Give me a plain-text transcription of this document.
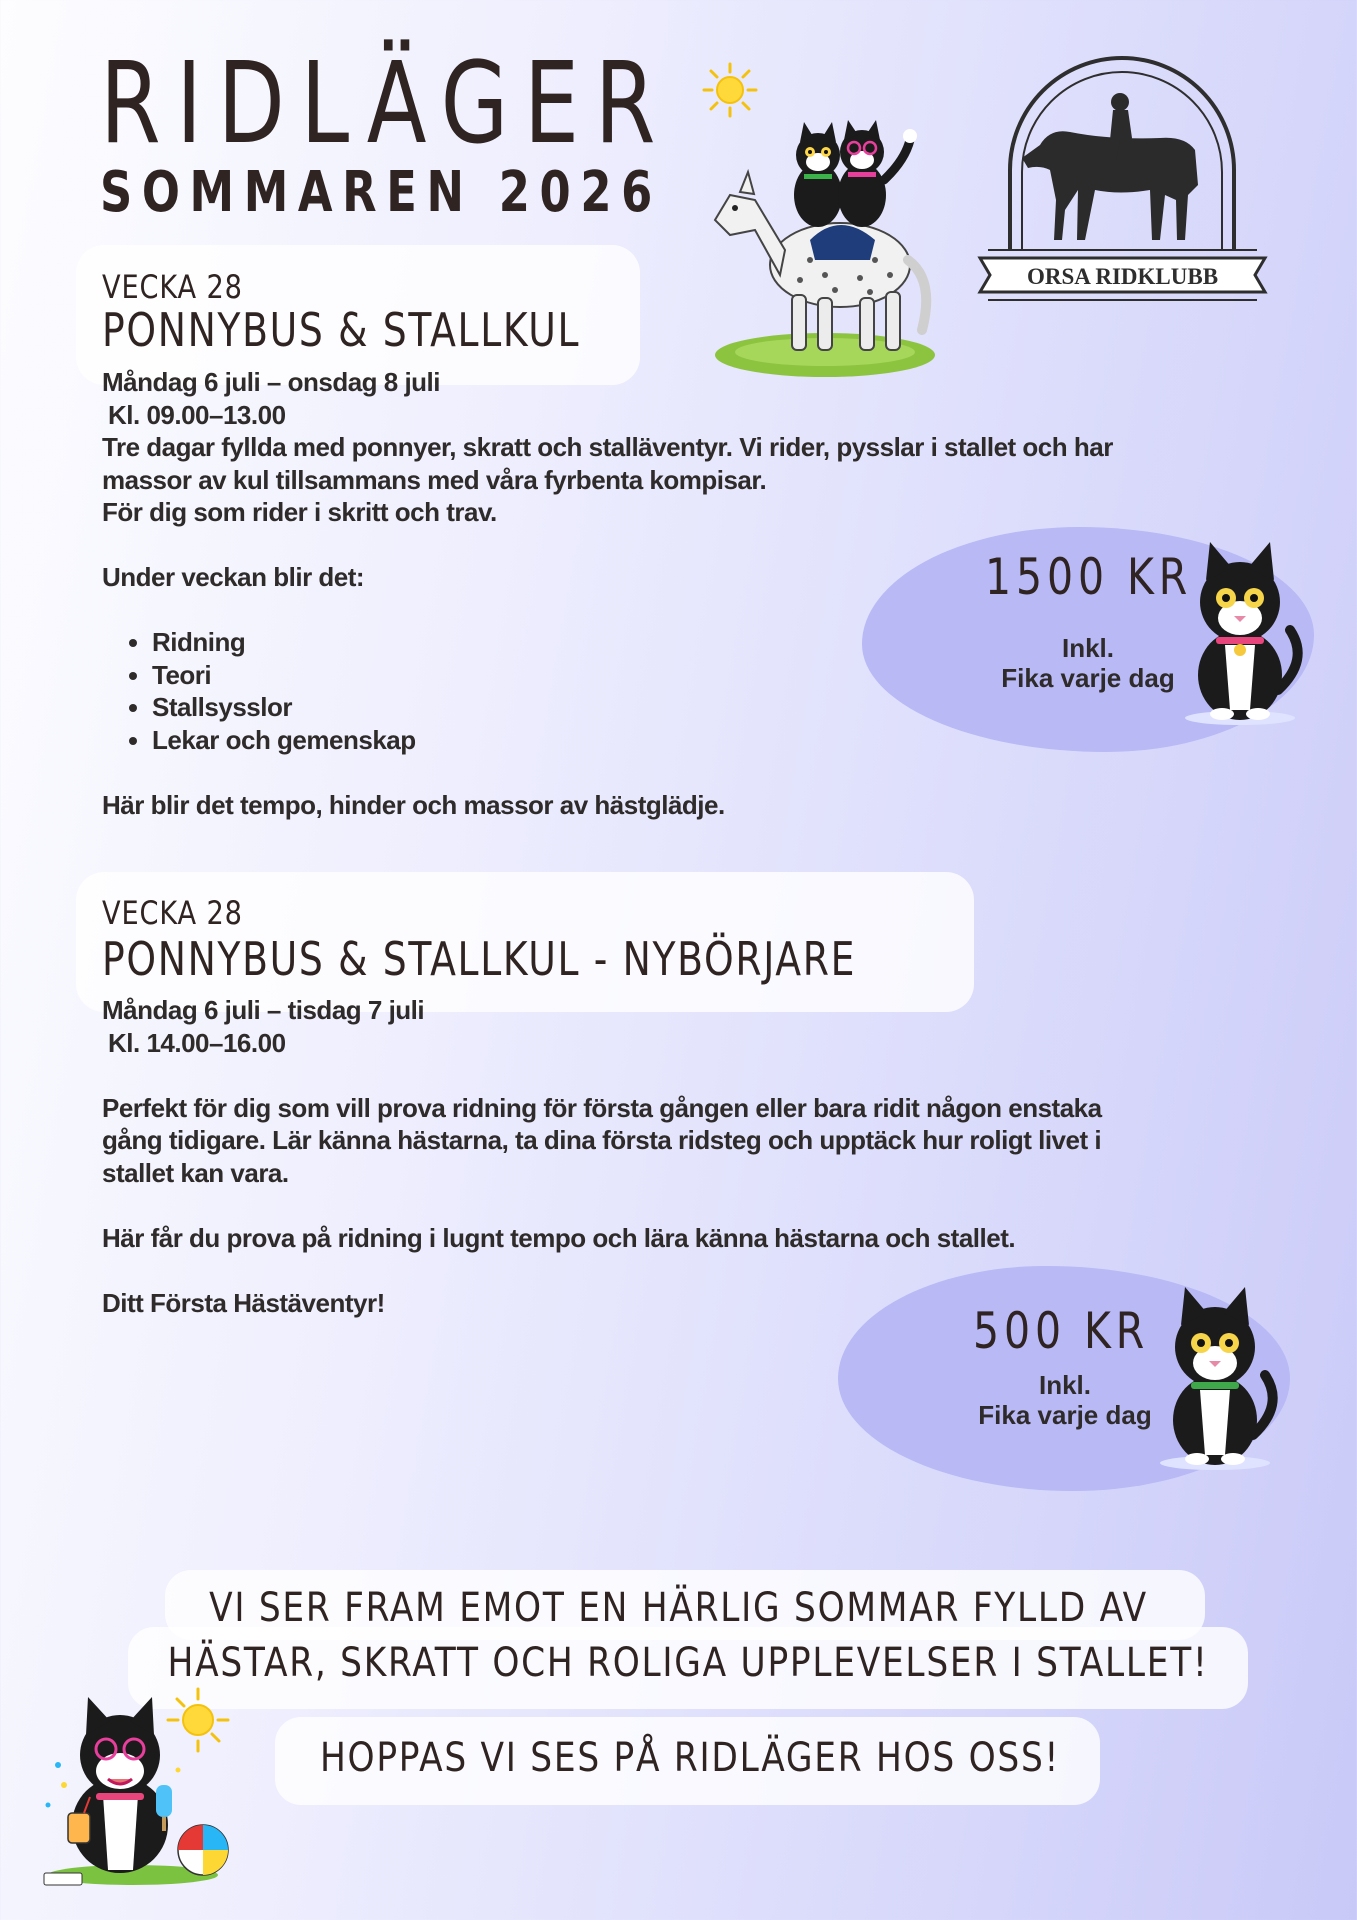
RIDLÄGER
SOMMAREN 2026
ORSA RIDKLUBB

VECKA 28

PONNYBUS & STALLKUL

Måndag 6 juli – onsdag 8 juli

Kl. 09.00–13.00

Tre dagar fyllda med ponnyer, skratt och stalläventyr. Vi rider, pysslar i stallet och har

massor av kul tillsammans med våra fyrbenta kompisar.

För dig som rider i skritt och trav.

Under veckan blir det:

• Ridning
• Teori
• Stallsysslor
• Lekar och gemenskap

Här blir det tempo, hinder och massor av hästglädje.

1500 KR

Inkl.

Fika varje dag

VECKA 28

PONNYBUS & STALLKUL - NYBÖRJARE

Måndag 6 juli – tisdag 7 juli

Kl. 14.00–16.00

Perfekt för dig som vill prova ridning för första gången eller bara ridit någon enstaka

gång tidigare. Lär känna hästarna, ta dina första ridsteg och upptäck hur roligt livet i

stallet kan vara.

Här får du prova på ridning i lugnt tempo och lära känna hästarna och stallet.

Ditt Första Hästäventyr!	500 KR

Inkl.

Fika varje dag

VI SER FRAM EMOT EN HÄRLIG SOMMAR FYLLD AV

HÄSTAR, SKRATT OCH ROLIGA UPPLEVELSER I STALLET!

HOPPAS VI SES PÅ RIDLÄGER HOS OSS!
